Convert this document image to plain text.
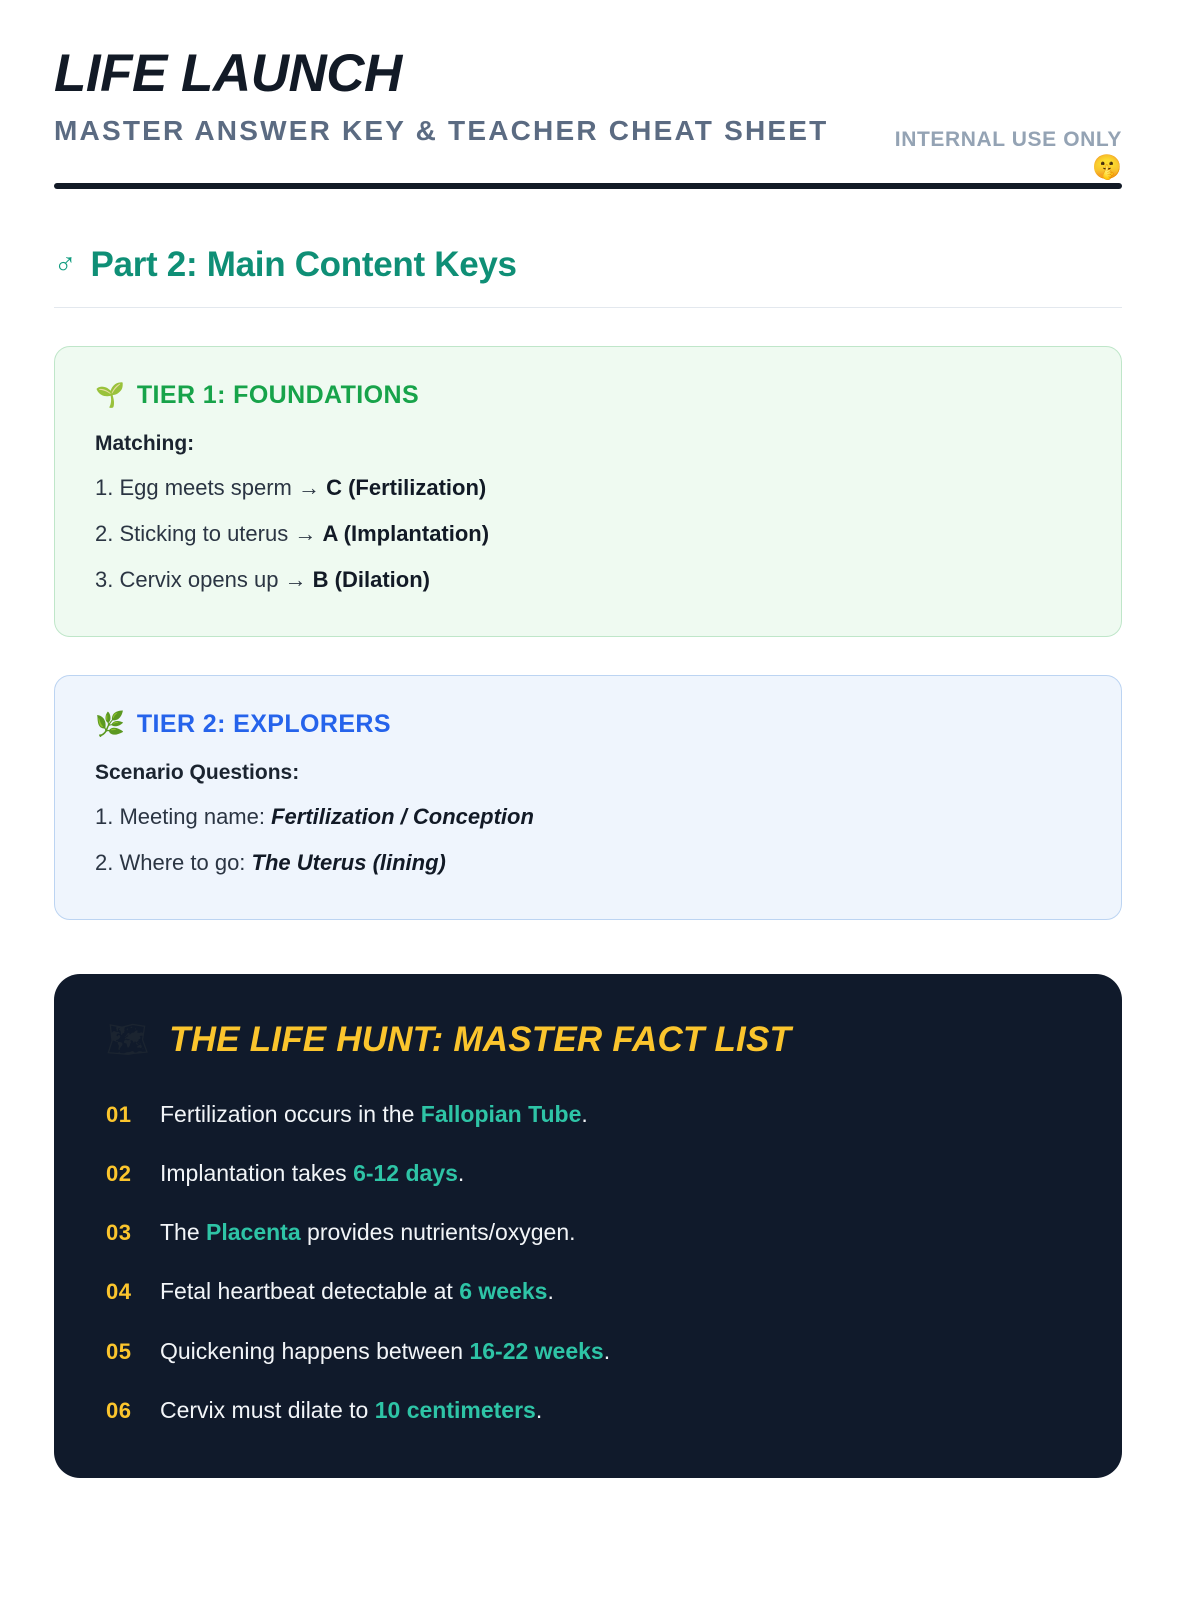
LIFE LAUNCH
MASTER ANSWER KEY & TEACHER CHEAT SHEET	INTERNAL USE ONLY
🤫
♂ Part 2: Main Content Keys
🌱 TIER 1: FOUNDATIONS
Matching:
1. Egg meets sperm → C (Fertilization)
2. Sticking to uterus → A (Implantation)
3. Cervix opens up → B (Dilation)
🌿 TIER 2: EXPLORERS
Scenario Questions:
1. Meeting name: Fertilization / Conception
2. Where to go: The Uterus (lining)
🗺 THE LIFE HUNT: MASTER FACT LIST
01	Fertilization occurs in the Fallopian Tube.
02	Implantation takes 6-12 days.
03	The Placenta provides nutrients/oxygen.
04	Fetal heartbeat detectable at 6 weeks.
05	Quickening happens between 16-22 weeks.
06	Cervix must dilate to 10 centimeters.
